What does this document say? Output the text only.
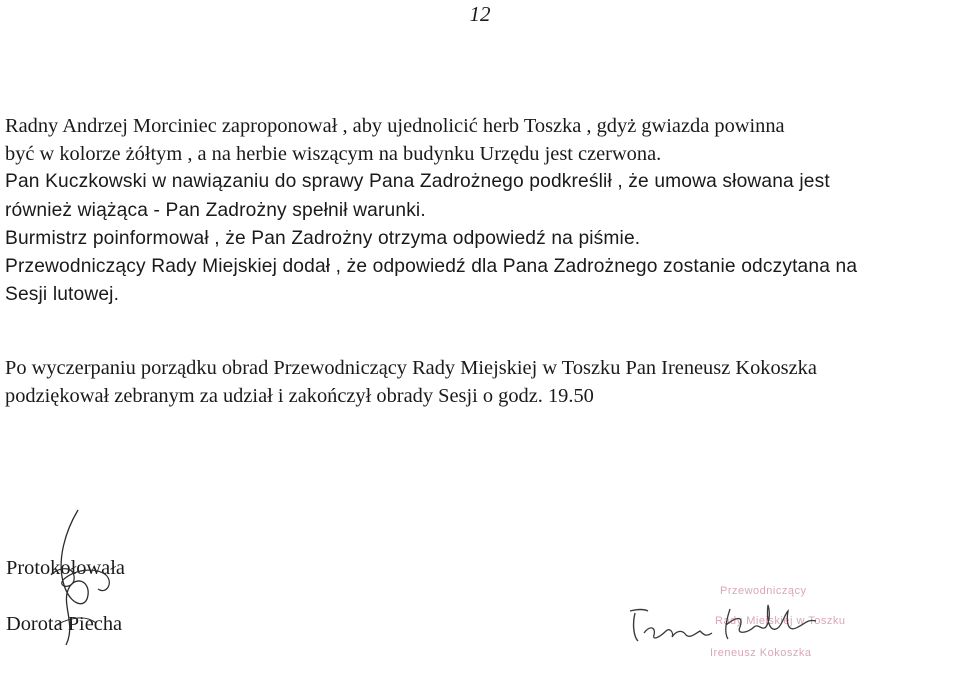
12
Radny Andrzej Morciniec zaproponował , aby ujednolicić herb Toszka , gdyż gwiazda powinna
być w kolorze żółtym , a na herbie wiszącym na budynku Urzędu jest czerwona.
Pan Kuczkowski w nawiązaniu do sprawy Pana Zadrożnego podkreślił , że umowa słowana jest
również wiążąca - Pan Zadrożny spełnił warunki.
Burmistrz poinformował , że Pan Zadrożny otrzyma odpowiedź na piśmie.
Przewodniczący Rady Miejskiej dodał , że odpowiedź dla Pana Zadrożnego zostanie odczytana na
Sesji lutowej.
Po wyczerpaniu porządku obrad Przewodniczący Rady Miejskiej w Toszku Pan Ireneusz Kokoszka
podziękował zebranym za udział i zakończył obrady Sesji o godz. 19.50
Protokołowała
Dorota Piecha
Przewodniczący
Rady Miejskiej w Toszku
Ireneusz Kokoszka
